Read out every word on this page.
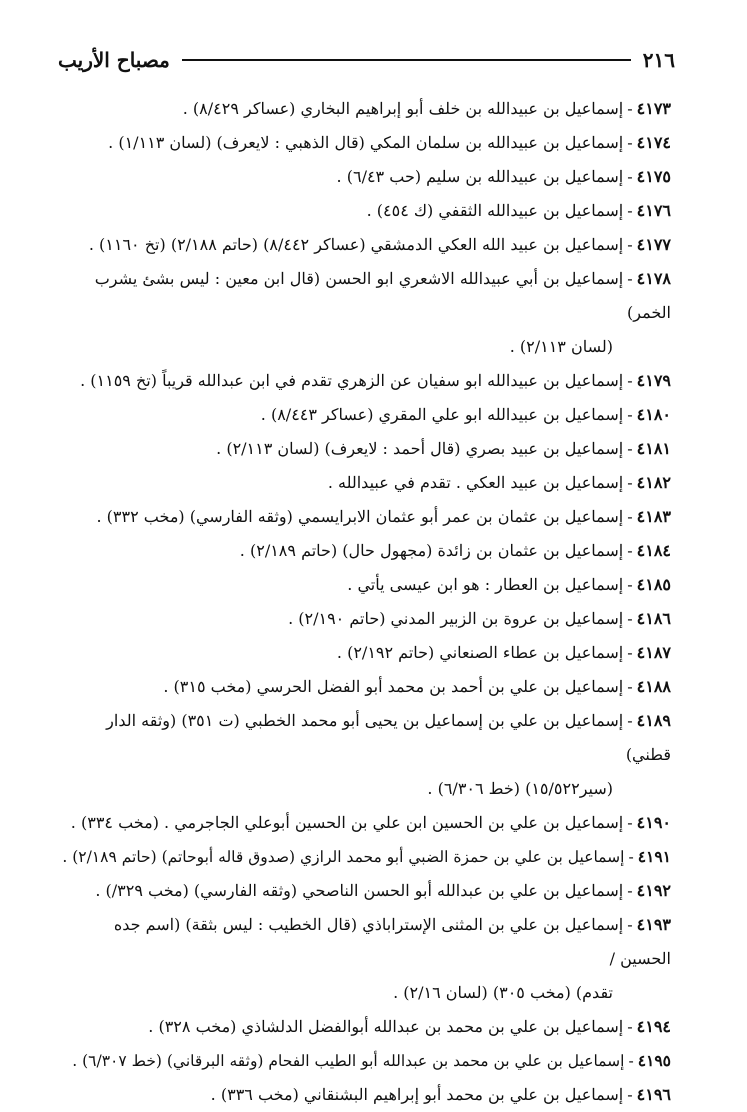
٢١٦
مصباح الأريب
٤١٧٣-إسماعيل بن عبيدالله بن خلف أبو إبراهيم البخاري (عساكر ٨/٤٢٩) .
٤١٧٤-إسماعيل بن عبيدالله بن سلمان المكي (قال الذهبي : لايعرف) (لسان ١/١١٣) .
٤١٧٥-إسماعيل بن عبيدالله بن سليم (حب ٦/٤٣) .
٤١٧٦-إسماعيل بن عبيدالله الثقفي (ك ٤٥٤) .
٤١٧٧-إسماعيل بن عبيد الله العكي الدمشقي (عساكر ٨/٤٤٢) (حاتم ٢/١٨٨) (تخ ١١٦٠) .
٤١٧٨-إسماعيل بن أبي عبيدالله الاشعري ابو الحسن (قال ابن معين : ليس بشئ يشرب الخمر)
(لسان ٢/١١٣) .
٤١٧٩-إسماعيل بن عبيدالله ابو سفيان عن الزهري تقدم في ابن عبدالله قريباً (تخ ١١٥٩) .
٤١٨٠-إسماعيل بن عبيدالله ابو علي المقري (عساكر ٨/٤٤٣) .
٤١٨١-إسماعيل بن عبيد بصري (قال أحمد : لايعرف) (لسان ٢/١١٣) .
٤١٨٢-إسماعيل بن عبيد العكي . تقدم في عبيدالله .
٤١٨٣-إسماعيل بن عثمان بن عمر أبو عثمان الابرايسمي (وثقه الفارسي) (مخب ٣٣٢) .
٤١٨٤-إسماعيل بن عثمان بن زائدة (مجهول حال) (حاتم ٢/١٨٩) .
٤١٨٥-إسماعيل بن العطار : هو ابن عيسى يأتي .
٤١٨٦-إسماعيل بن عروة بن الزبير المدني (حاتم ٢/١٩٠) .
٤١٨٧-إسماعيل بن عطاء الصنعاني (حاتم ٢/١٩٢) .
٤١٨٨-إسماعيل بن علي بن أحمد بن محمد أبو الفضل الحرسي (مخب ٣١٥) .
٤١٨٩-إسماعيل بن علي بن إسماعيل بن يحيى أبو محمد الخطبي (ت ٣٥١) (وثقه الدار قطني)
(سير١٥/٥٢٢) (خط ٦/٣٠٦) .
٤١٩٠-إسماعيل بن علي بن الحسين ابن علي بن الحسين أبوعلي الجاجرمي . (مخب ٣٣٤) .
٤١٩١-إسماعيل بن علي بن حمزة الضبي أبو محمد الرازي (صدوق قاله أبوحاتم) (حاتم ٢/١٨٩) .
٤١٩٢-إسماعيل بن علي بن عبدالله أبو الحسن الناصحي (وثقه الفارسي) (مخب ٣٢٩/) .
٤١٩٣-إسماعيل بن علي بن المثنى الإستراباذي (قال الخطيب : ليس بثقة) (اسم جده الحسين /
تقدم) (مخب ٣٠٥) (لسان ٢/١٦) .
٤١٩٤-إسماعيل بن علي بن محمد بن عبدالله أبوالفضل الدلشاذي (مخب ٣٢٨) .
٤١٩٥-إسماعيل بن علي بن محمد بن عبدالله أبو الطيب الفحام (وثقه البرقاني) (خط ٦/٣٠٧) .
٤١٩٦-إسماعيل بن علي بن محمد أبو إبراهيم البشنقاني (مخب ٣٣٦) .
